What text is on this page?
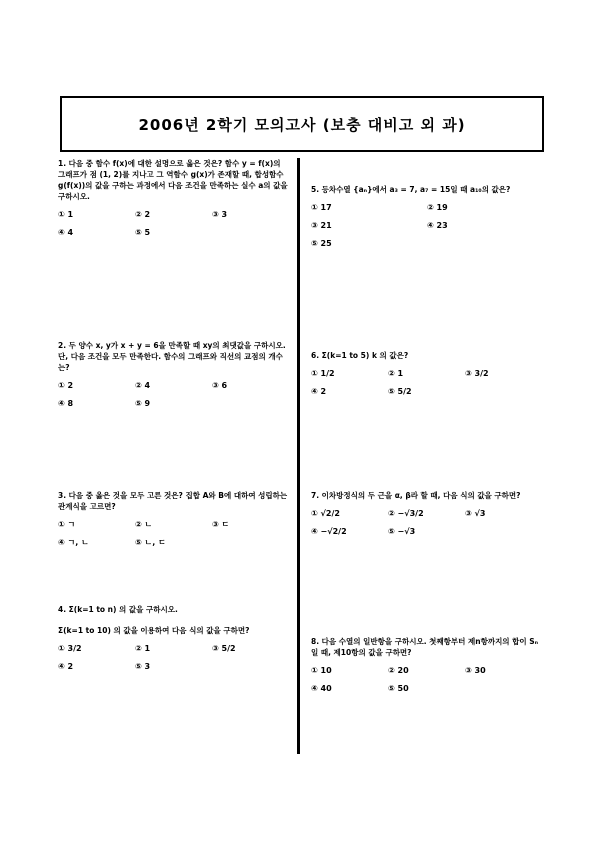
2006년 2학기 모의고사 (보충 대비고 외 과)
1. 다음 중 함수 f(x)에 대한 설명으로 옳은 것은? 함수 y = f(x)의 그래프가 점 (1, 2)를 지나고 그 역함수 g(x)가 존재할 때, 합성함수 g(f(x))의 값을 구하는 과정에서 다음 조건을 만족하는 실수 a의 값을 구하시오.
① 1	② 2	③ 3
④ 4	⑤ 5
2. 두 양수 x, y가 x + y = 6을 만족할 때 xy의 최댓값을 구하시오. 단, 다음 조건을 모두 만족한다. 함수의 그래프와 직선의 교점의 개수는?
① 2	② 4	③ 6
④ 8	⑤ 9
3. 다음 중 옳은 것을 모두 고른 것은? 집합 A와 B에 대하여 성립하는 관계식을 고르면?
① ㄱ	② ㄴ	③ ㄷ
④ ㄱ, ㄴ	⑤ ㄴ, ㄷ
4. Σ(k=1 to n) 의 값을 구하시오.
Σ(k=1 to 10) 의 값을 이용하여 다음 식의 값을 구하면?
① 3/2	② 1	③ 5/2
④ 2	⑤ 3
5. 등차수열 {aₙ}에서 a₃ = 7, a₇ = 15일 때 a₁₀의 값은?
① 17	② 19
③ 21	④ 23
⑤ 25
6. Σ(k=1 to 5) k 의 값은?
① 1/2	② 1	③ 3/2
④ 2	⑤ 5/2
7. 이차방정식의 두 근을 α, β라 할 때, 다음 식의 값을 구하면?
① √2/2	② −√3/2	③ √3
④ −√2/2	⑤ −√3
8. 다음 수열의 일반항을 구하시오. 첫째항부터 제n항까지의 합이 Sₙ일 때, 제10항의 값을 구하면?
① 10	② 20	③ 30
④ 40	⑤ 50
